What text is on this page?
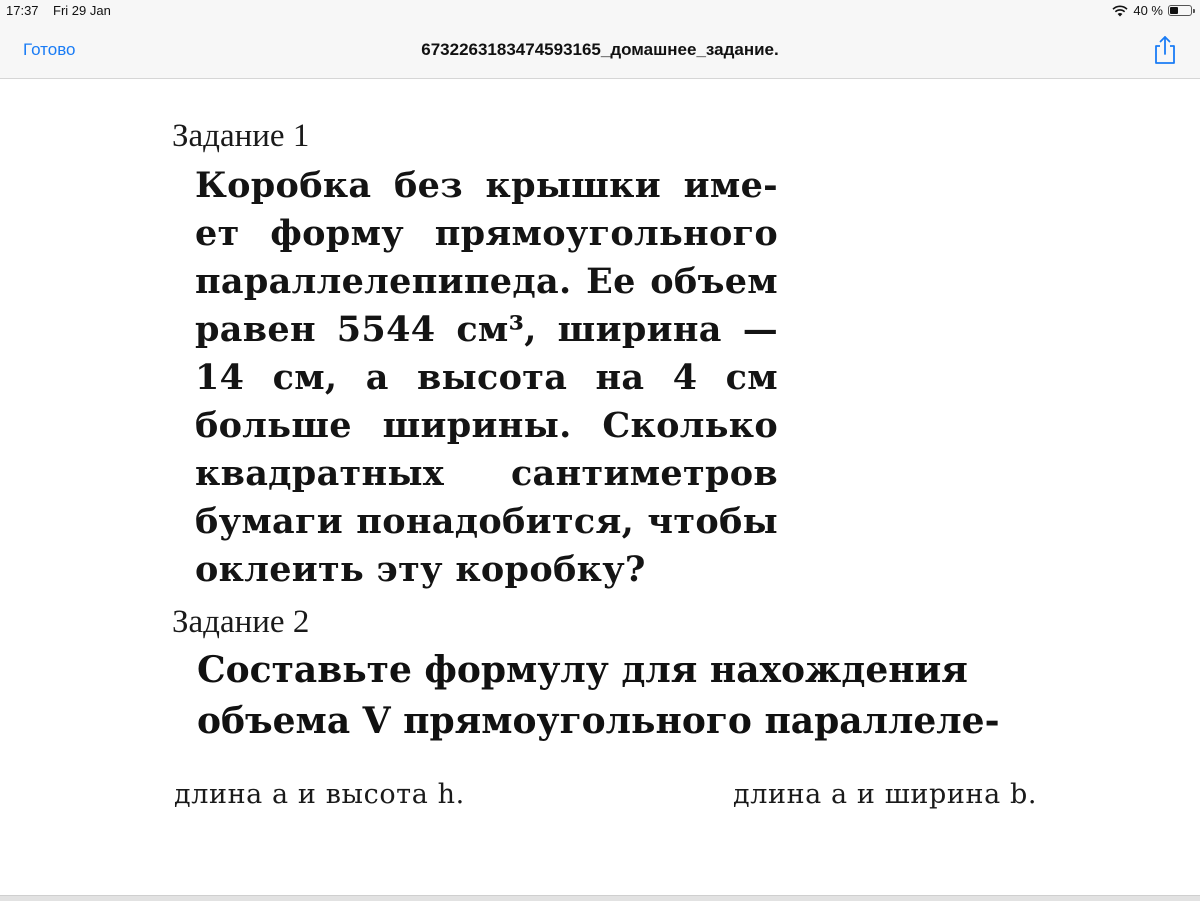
17:37 Fri 29 Jan	40 %
Готово	6732263183474593165_домашнее_задание.
Задание 1
Коробка без крышки име-
ет форму прямоугольного
параллелепипеда. Ее объем
равен 5544 см³, ширина —
14 см, а высота на 4 см
больше ширины. Сколько
квадратных сантиметров
бумаги понадобится, чтобы
оклеить эту коробку?
Задание 2
Составьте формулу для нахождения
объема V прямоугольного параллеле-
длина a и высота h.	длина a и ширина b.
